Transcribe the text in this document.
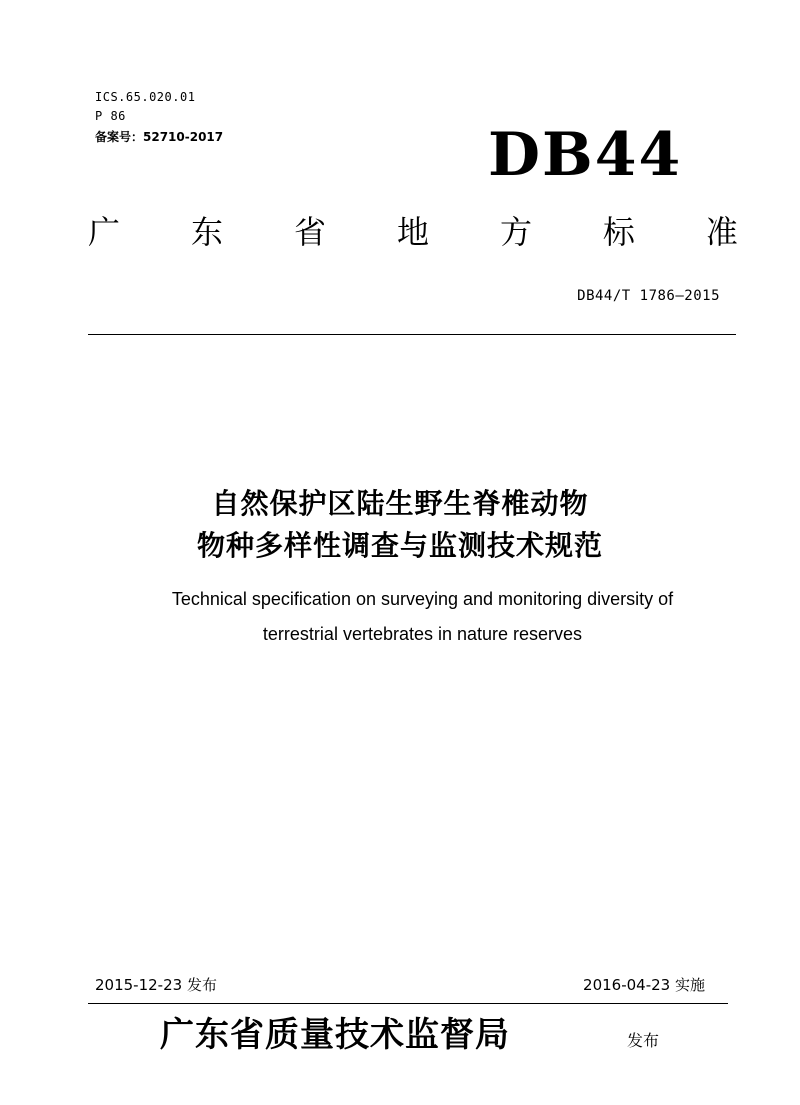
ICS.65.020.01
P 86
备案号：52710-2017	DB44
广 东 省 地 方 标 准
DB44/T 1786—2015
自然保护区陆生野生脊椎动物
物种多样性调查与监测技术规范
Technical specification on surveying and monitoring diversity of
terrestrial vertebrates in nature reserves
2015-12-23 发布	2016-04-23 实施
广东省质量技术监督局	发布
